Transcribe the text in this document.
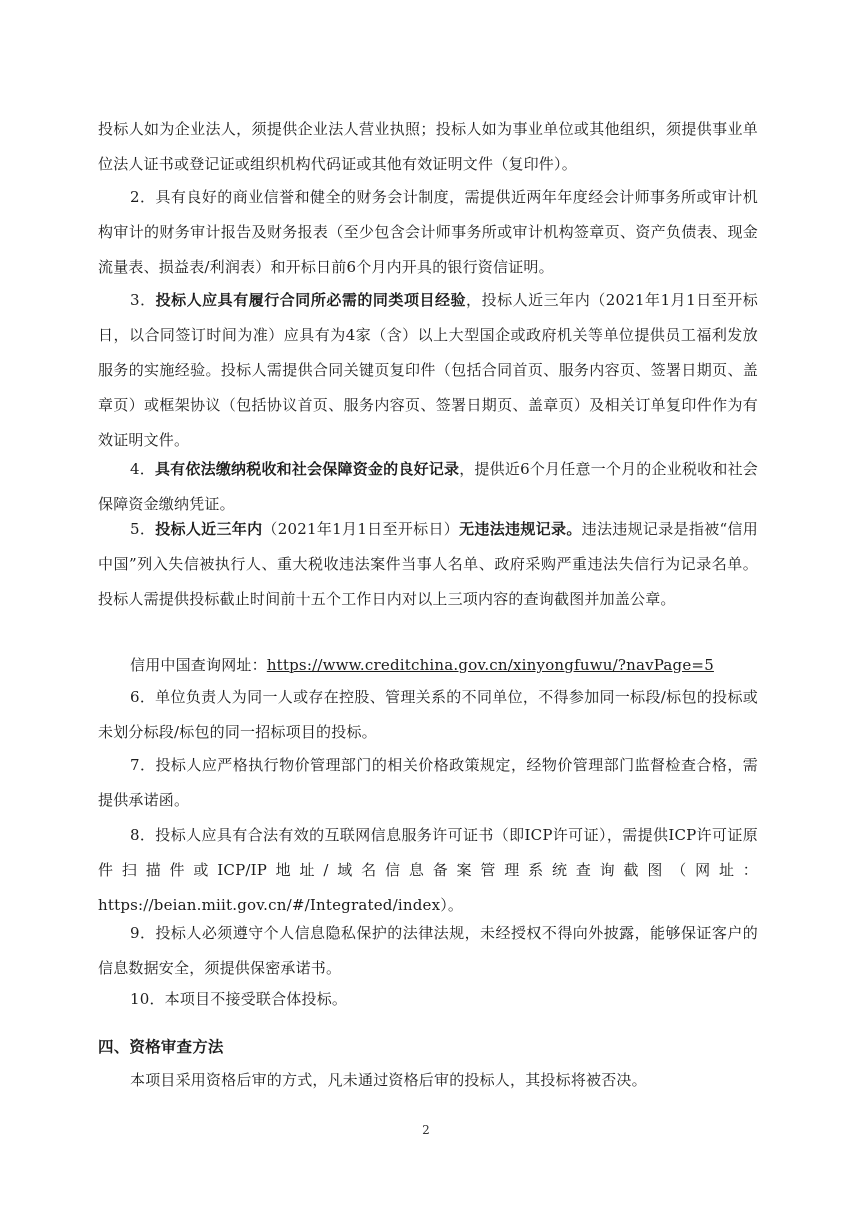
投标人如为企业法人，须提供企业法人营业执照；投标人如为事业单位或其他组织，须提供事业单位法人证书或登记证或组织机构代码证或其他有效证明文件（复印件）。

2．具有良好的商业信誉和健全的财务会计制度，需提供近两年年度经会计师事务所或审计机构审计的财务审计报告及财务报表（至少包含会计师事务所或审计机构签章页、资产负债表、现金流量表、损益表/利润表）和开标日前6个月内开具的银行资信证明。

3．投标人应具有履行合同所必需的同类项目经验，投标人近三年内（2021年1月1日至开标日，以合同签订时间为准）应具有为4家（含）以上大型国企或政府机关等单位提供员工福利发放服务的实施经验。投标人需提供合同关键页复印件（包括合同首页、服务内容页、签署日期页、盖章页）或框架协议（包括协议首页、服务内容页、签署日期页、盖章页）及相关订单复印件作为有效证明文件。

4．具有依法缴纳税收和社会保障资金的良好记录，提供近6个月任意一个月的企业税收和社会保障资金缴纳凭证。

5．投标人近三年内（2021年1月1日至开标日）无违法违规记录。违法违规记录是指被“信用中国”列入失信被执行人、重大税收违法案件当事人名单、政府采购严重违法失信行为记录名单。投标人需提供投标截止时间前十五个工作日内对以上三项内容的查询截图并加盖公章。

信用中国查询网址：https://www.creditchina.gov.cn/xinyongfuwu/?navPage=5

6．单位负责人为同一人或存在控股、管理关系的不同单位，不得参加同一标段/标包的投标或未划分标段/标包的同一招标项目的投标。

7．投标人应严格执行物价管理部门的相关价格政策规定，经物价管理部门监督检查合格，需提供承诺函。

8．投标人应具有合法有效的互联网信息服务许可证书（即ICP许可证），需提供ICP许可证原件扫描件或ICP/IP地址/域名信息备案管理系统查询截图（网址：https://beian.miit.gov.cn/#/Integrated/index）。

9．投标人必须遵守个人信息隐私保护的法律法规，未经授权不得向外披露，能够保证客户的信息数据安全，须提供保密承诺书。

10．本项目不接受联合体投标。

四、资格审查方法

本项目采用资格后审的方式，凡未通过资格后审的投标人，其投标将被否决。

2
